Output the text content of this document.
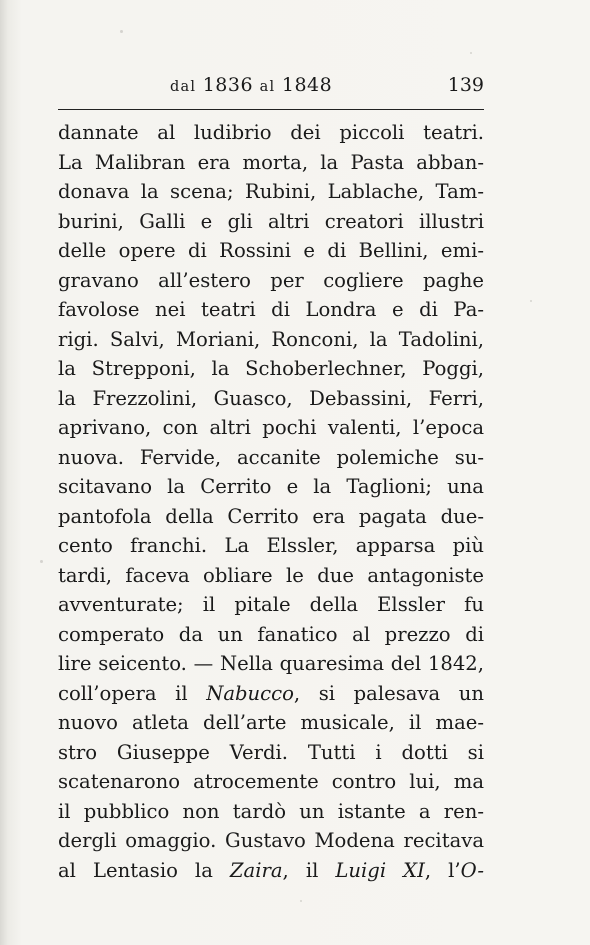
dal 1836 al 1848	139
dannate al ludibrio dei piccoli teatri.
La Malibran era morta, la Pasta abban-
donava la scena; Rubini, Lablache, Tam-
burini, Galli e gli altri creatori illustri
delle opere di Rossini e di Bellini, emi-
gravano all’estero per cogliere paghe
favolose nei teatri di Londra e di Pa-
rigi. Salvi, Moriani, Ronconi, la Tadolini,
la Strepponi, la Schoberlechner, Poggi,
la Frezzolini, Guasco, Debassini, Ferri,
aprivano, con altri pochi valenti, l’epoca
nuova. Fervide, accanite polemiche su-
scitavano la Cerrito e la Taglioni; una
pantofola della Cerrito era pagata due-
cento franchi. La Elssler, apparsa più
tardi, faceva obliare le due antagoniste
avventurate; il pitale della Elssler fu
comperato da un fanatico al prezzo di
lire seicento. — Nella quaresima del 1842,
coll’opera il Nabucco, si palesava un
nuovo atleta dell’arte musicale, il mae-
stro Giuseppe Verdi. Tutti i dotti si
scatenarono atrocemente contro lui, ma
il pubblico non tardò un istante a ren-
dergli omaggio. Gustavo Modena recitava
al Lentasio la Zaira, il Luigi XI, l’O-
